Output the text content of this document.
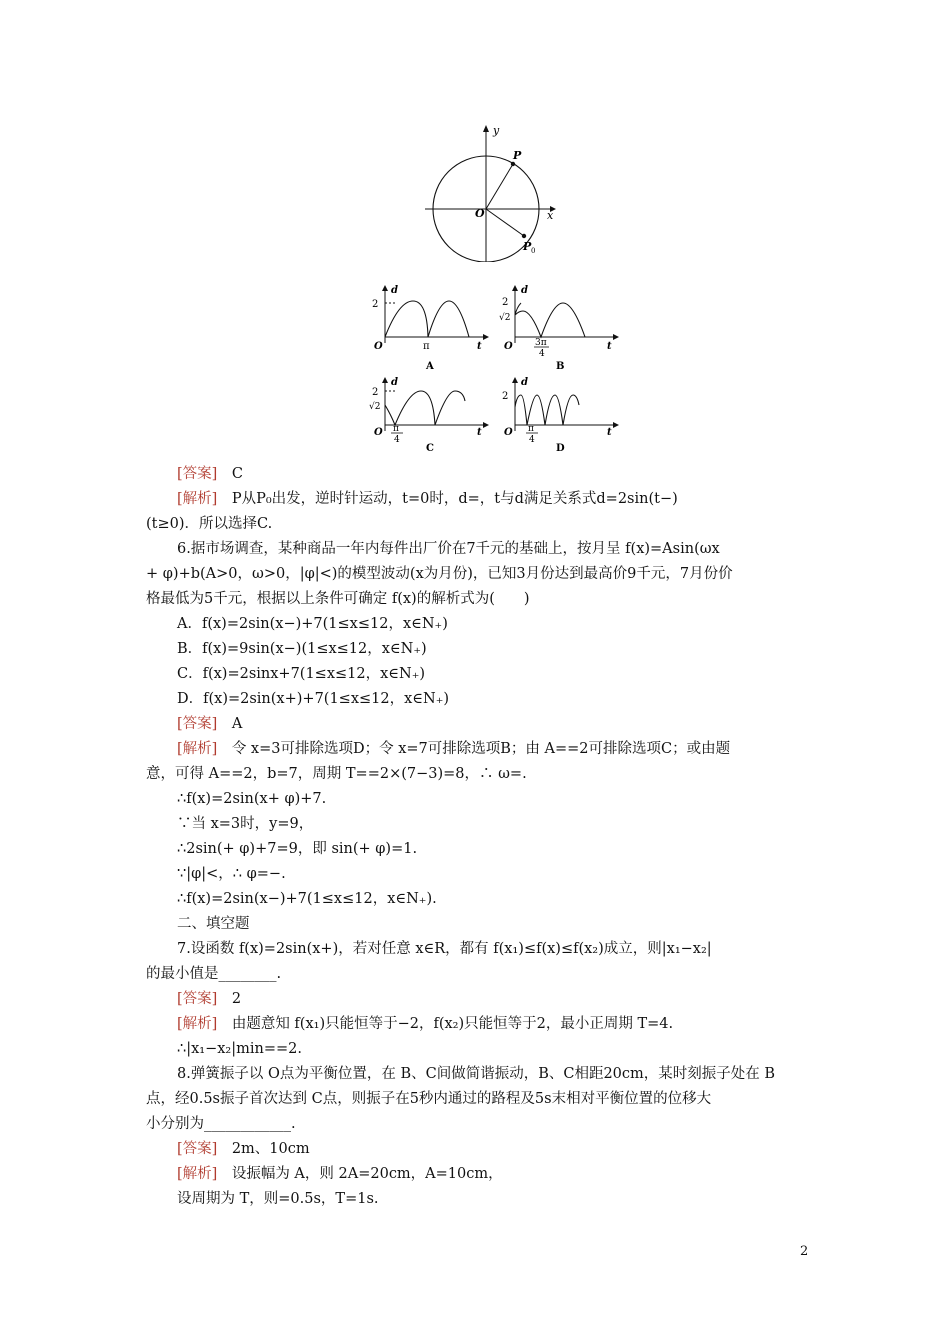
y
x
O
P
P 0
2
d
t
O	π
A
2
√2
d
t
O 3π
4
B
2
√2
d
t
O π
4
C
2
d
t
O π
4
D
[答案]　 C
[解析]　 P从P₀出发，逆时针运动，t=0时，d=，t与d满足关系式d=2sin(t−)
(t≥0)．所以选择C.
6.据市场调查，某种商品一年内每件出厂价在7千元的基础上，按月呈 f(x)=Asin(ωx
+ φ)+b(A>0，ω>0，|φ|<)的模型波动(x为月份)，已知3月份达到最高价9千元，7月份价
格最低为5千元，根据以上条件可确定 f(x)的解析式为(　　)
A．f(x)=2sin(x−)+7(1≤x≤12，x∈N₊)
B．f(x)=9sin(x−)(1≤x≤12，x∈N₊)
C．f(x)=2sinx+7(1≤x≤12，x∈N₊)
D．f(x)=2sin(x+)+7(1≤x≤12，x∈N₊)
[答案]　 A
[解析]　 令 x=3可排除选项D；令 x=7可排除选项B；由 A==2可排除选项C；或由题
意，可得 A==2，b=7，周期 T==2×(7−3)=8，∴ ω=.
∴f(x)=2sin(x+ φ)+7.
∵当 x=3时，y=9，
∴2sin(+ φ)+7=9，即 sin(+ φ)=1.
∵|φ|<，∴ φ=−.
∴f(x)=2sin(x−)+7(1≤x≤12，x∈N₊).
二、填空题
7.设函数 f(x)=2sin(x+)，若对任意 x∈R，都有 f(x₁)≤f(x)≤f(x₂)成立，则|x₁−x₂|
的最小值是________.
[答案]　 2
[解析]　 由题意知 f(x₁)只能恒等于−2，f(x₂)只能恒等于2，最小正周期 T=4.
∴|x₁−x₂|min==2.
8.弹簧振子以 O点为平衡位置，在 B、C间做简谐振动，B、C相距20cm，某时刻振子处在 B
点，经0.5s振子首次达到 C点，则振子在5秒内通过的路程及5s末相对平衡位置的位移大
小分别为____________.
[答案]　 2m、10cm
[解析]　 设振幅为 A，则 2A=20cm，A=10cm，
设周期为 T，则=0.5s，T=1s.
2
